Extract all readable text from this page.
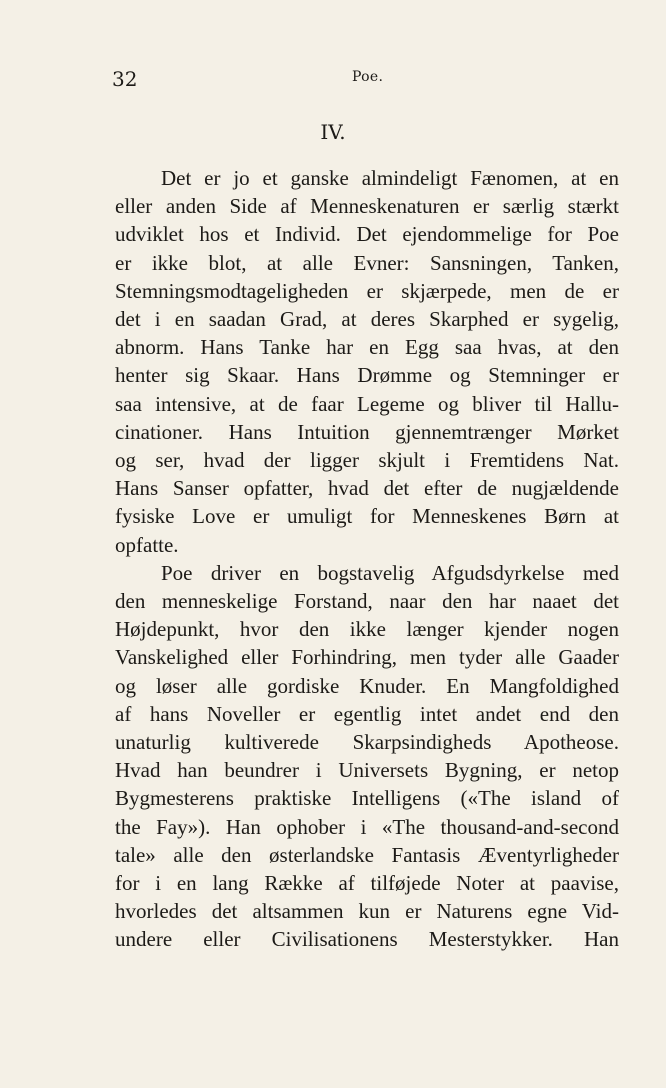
32	Poe.
IV.

Det er jo et ganske almindeligt Fænomen, at en
eller anden Side af Menneskenaturen er særlig stærkt
udviklet hos et Individ. Det ejendommelige for Poe
er ikke blot, at alle Evner: Sansningen, Tanken,
Stemningsmodtageligheden er skjærpede, men de er
det i en saadan Grad, at deres Skarphed er sygelig,
abnorm. Hans Tanke har en Egg saa hvas, at den
henter sig Skaar. Hans Drømme og Stemninger er
saa intensive, at de faar Legeme og bliver til Hallu-
cinationer. Hans Intuition gjennemtrænger Mørket
og ser, hvad der ligger skjult i Fremtidens Nat.
Hans Sanser opfatter, hvad det efter de nugjældende
fysiske Love er umuligt for Menneskenes Børn at
opfatte.

Poe driver en bogstavelig Afgudsdyrkelse med
den menneskelige Forstand, naar den har naaet det
Højdepunkt, hvor den ikke længer kjender nogen
Vanskelighed eller Forhindring, men tyder alle Gaader
og løser alle gordiske Knuder. En Mangfoldighed
af hans Noveller er egentlig intet andet end den
unaturlig kultiverede Skarpsindigheds Apotheose.
Hvad han beundrer i Universets Bygning, er netop
Bygmesterens praktiske Intelligens («The island of
the Fay»). Han ophober i «The thousand-and-second
tale» alle den østerlandske Fantasis Æventyrligheder
for i en lang Række af tilføjede Noter at paavise,
hvorledes det altsammen kun er Naturens egne Vid-
undere eller Civilisationens Mesterstykker. Han
